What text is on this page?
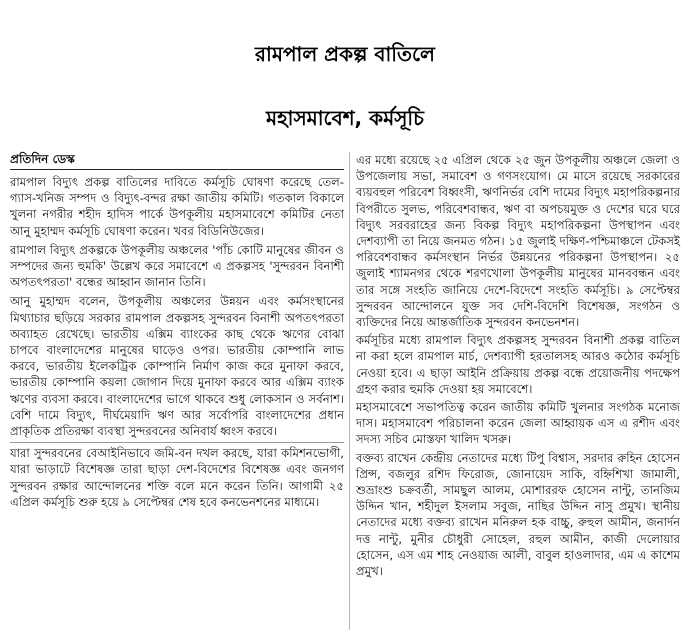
রামপাল প্রকল্প বাতিলে
মহাসমাবেশ, কর্মসূচি
প্রতিদিন ডেস্ক

রামপাল বিদ্যুৎ প্রকল্প বাতিলের দাবিতে কর্মসূচি ঘোষণা করেছে তেল-গ্যাস-খনিজ সম্পদ ও বিদ্যুৎ-বন্দর রক্ষা জাতীয় কমিটি। গতকাল বিকালে খুলনা নগরীর শহীদ হাদিস পার্কে উপকূলীয় মহাসমাবেশে কমিটির নেতা আনু মুহাম্মদ কর্মসূচি ঘোষণা করেন। খবর বিডিনিউজের।

রামপাল বিদ্যুৎ প্রকল্পকে উপকূলীয় অঞ্চলের 'পাঁচ কোটি মানুষের জীবন ও সম্পদের জন্য হুমকি' উল্লেখ করে সমাবেশে এ প্রকল্পসহ 'সুন্দরবন বিনাশী অপতৎপরতা' বন্ধের আহ্বান জানান তিনি।

আনু মুহাম্মদ বলেন, উপকূলীয় অঞ্চলের উন্নয়ন এবং কর্মসংস্থানের মিথ্যাচার ছড়িয়ে সরকার রামপাল প্রকল্পসহ সুন্দরবন বিনাশী অপতৎপরতা অব্যাহত রেখেছে। ভারতীয় এক্সিম ব্যাংকের কাছ থেকে ঋণের বোঝা চাপবে বাংলাদেশের মানুষের ঘাড়েও ওপর। ভারতীয় কোম্পানি লাভ করবে, ভারতীয় ইলেকট্রিক কোম্পানি নির্মাণ কাজ করে মুনাফা করবে, ভারতীয় কোম্পানি কয়লা জোগান দিয়ে মুনাফা করবে আর এক্সিম ব্যাংক ঋণের ব্যবসা করবে। বাংলাদেশের ভাগে থাকবে শুধু লোকসান ও সর্বনাশ। বেশি দামে বিদ্যুৎ, দীর্ঘমেয়াদি ঋণ আর সর্বোপরি বাংলাদেশের প্রধান প্রাকৃতিক প্রতিরক্ষা ব্যবস্থা সুন্দরবনের অনিবার্য ধ্বংস করবে।

যারা সুন্দরবনের বেআইনিভাবে জমি-বন দখল করছে, যারা কমিশনভোগী, যারা ভাড়াটে বিশেষজ্ঞ তারা ছাড়া দেশ-বিদেশের বিশেষজ্ঞ এবং জনগণ সুন্দরবন রক্ষার আন্দোলনের শক্তি বলে মনে করেন তিনি। আগামী ২৫ এপ্রিল কর্মসূচি শুরু হয়ে ৯ সেপ্টেম্বর শেষ হবে কনভেনশনের মাধ্যমে।

এর মধ্যে রয়েছে ২৫ এপ্রিল থেকে ২৫ জুন উপকূলীয় অঞ্চলে জেলা ও উপজেলায় সভা, সমাবেশ ও গণসংযোগ। মে মাসে রয়েছে সরকারের ব্যয়বহুল পরিবেশ বিধ্বংসী, ঋণনির্ভর বেশি দামের বিদ্যুৎ মহাপরিকল্পনার বিপরীতে সুলভ, পরিবেশবান্ধব, ঋণ বা অপচয়মুক্ত ও দেশের ঘরে ঘরে বিদ্যুৎ সরবরাহের জন্য বিকল্প বিদ্যুৎ মহাপরিকল্পনা উপস্থাপন এবং দেশব্যাপী তা নিয়ে জনমত গঠন। ১৫ জুলাই দক্ষিণ-পশ্চিমাঞ্চলে টেকসই পরিবেশবান্ধব কর্মসংস্থান নির্ভর উন্নয়নের পরিকল্পনা উপস্থাপন। ২৫ জুলাই শ্যামনগর থেকে শরণখোলা উপকূলীয় মানুষের মানববন্ধন এবং তার সঙ্গে সংহতি জানিয়ে দেশে-বিদেশে সংহতি কর্মসূচি। ৯ সেপ্টেম্বর সুন্দরবন আন্দোলনে যুক্ত সব দেশি-বিদেশি বিশেষজ্ঞ, সংগঠন ও ব্যক্তিদের নিয়ে আন্তর্জাতিক সুন্দরবন কনভেনশন।

কর্মসূচির মধ্যে রামপাল বিদ্যুৎ প্রকল্পসহ সুন্দরবন বিনাশী প্রকল্প বাতিল না করা হলে রামপাল মার্চ, দেশব্যাপী হরতালসহ আরও কঠোর কর্মসূচি নেওয়া হবে। এ ছাড়া আইনি প্রক্রিয়ায় প্রকল্প বন্ধে প্রয়োজনীয় পদক্ষেপ গ্রহণ করার হুমকি দেওয়া হয় সমাবেশে।

মহাসমাবেশে সভাপতিত্ব করেন জাতীয় কমিটি খুলনার সংগঠক মনোজ দাস। মহাসমাবেশ পরিচালনা করেন জেলা আহ্বায়ক এস এ রশীদ এবং সদস্য সচিব মোস্তফা খালিদ খসরু।

বক্তব্য রাখেন কেন্দ্রীয় নেতাদের মধ্যে টিপু বিশ্বাস, সরদার রুহিন হোসেন প্রিন্স, বজলুর রশিদ ফিরোজ, জোনায়েদ সাকি, বহ্নিশিখা জামালী, শুভ্রাংশু চক্রবর্তী, সামছুল আলম, মোশাররফ হোসেন নান্টু, তানজিম উদ্দিন খান, শহীদুল ইসলাম সবুজ, নাছির উদ্দিন নাসু প্রমুখ। স্থানীয় নেতাদের মধ্যে বক্তব্য রাখেন মনিরুল হক বাচ্চু, রুহুল আমীন, জনার্দন দত্ত নান্টু, মুনীর চৌধুরী সোহেল, রহুল আমীন, কাজী দেলোয়ার হোসেন, এস এম শাহ নেওয়াজ আলী, বাবুল হাওলাদার, এম এ কাশেম প্রমুখ।
